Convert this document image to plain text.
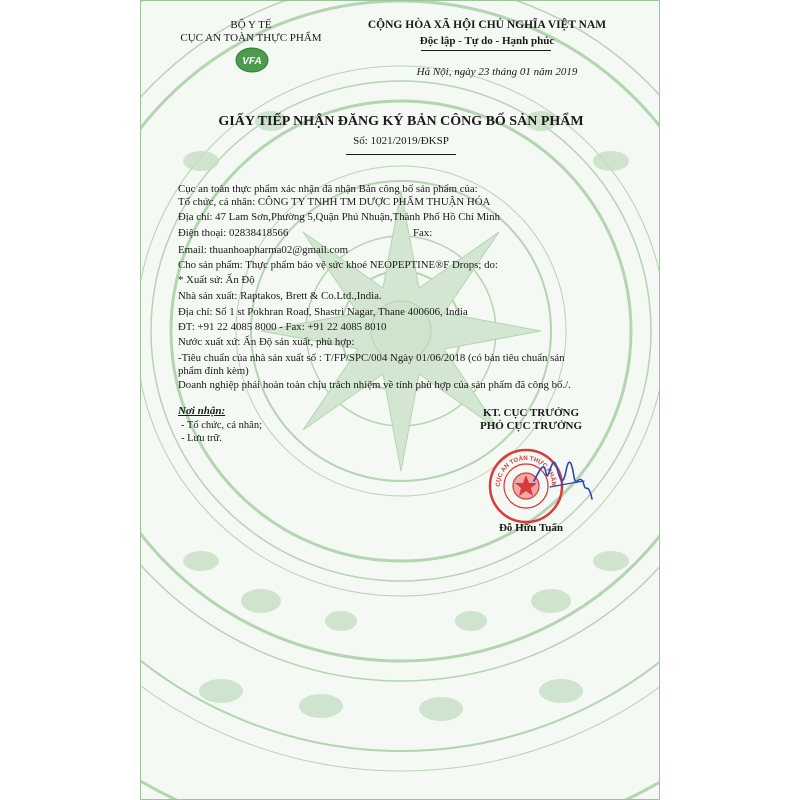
BỘ Y TẾ
CỤC AN TOÀN THỰC PHẨM
VFA
CỘNG HÒA XÃ HỘI CHỦ NGHĨA VIỆT NAM
Độc lập - Tự do - Hạnh phúc
Hà Nội, ngày 23 tháng 01 năm 2019
GIẤY TIẾP NHẬN ĐĂNG KÝ BẢN CÔNG BỐ SẢN PHẨM
Số: 1021/2019/ĐKSP
Cục an toàn thực phẩm xác nhận đã nhận Bản công bố sản phẩm của:
Tổ chức, cá nhân: CÔNG TY TNHH TM DƯỢC PHẨM THUẬN HÓA
Địa chỉ: 47 Lam Sơn,Phường 5,Quận Phú Nhuận,Thành Phố Hồ Chí Minh
Điện thoại: 02838418566	Fax:
Email: thuanhoapharma02@gmail.com
Cho sản phẩm: Thực phẩm bảo vệ sức khoẻ NEOPEPTINE®F Drops; do:
* Xuất sứ: Ấn Độ
Nhà sản xuất: Raptakos, Brett & Co.Ltd.,India.
Địa chỉ: Số 1 st Pokhran Road, Shastri Nagar, Thane 400606, India
ĐT: +91 22 4085 8000 - Fax: +91 22 4085 8010
Nước xuất xứ: Ấn Độ sản xuất, phù hợp:
-Tiêu chuẩn của nhà sản xuất số : T/FP/SPC/004 Ngày 01/06/2018 (có bản tiêu chuẩn sản
phẩm đính kèm)
Doanh nghiệp phải hoàn toàn chịu trách nhiệm về tính phù hợp của sản phẩm đã công bố./.
Nơi nhận:
- Tổ chức, cá nhân;
- Lưu trữ.
KT. CỤC TRƯỞNG
PHÓ CỤC TRƯỞNG
CỤC AN TOÀN THỰC PHẨM
Đỗ Hữu Tuấn
